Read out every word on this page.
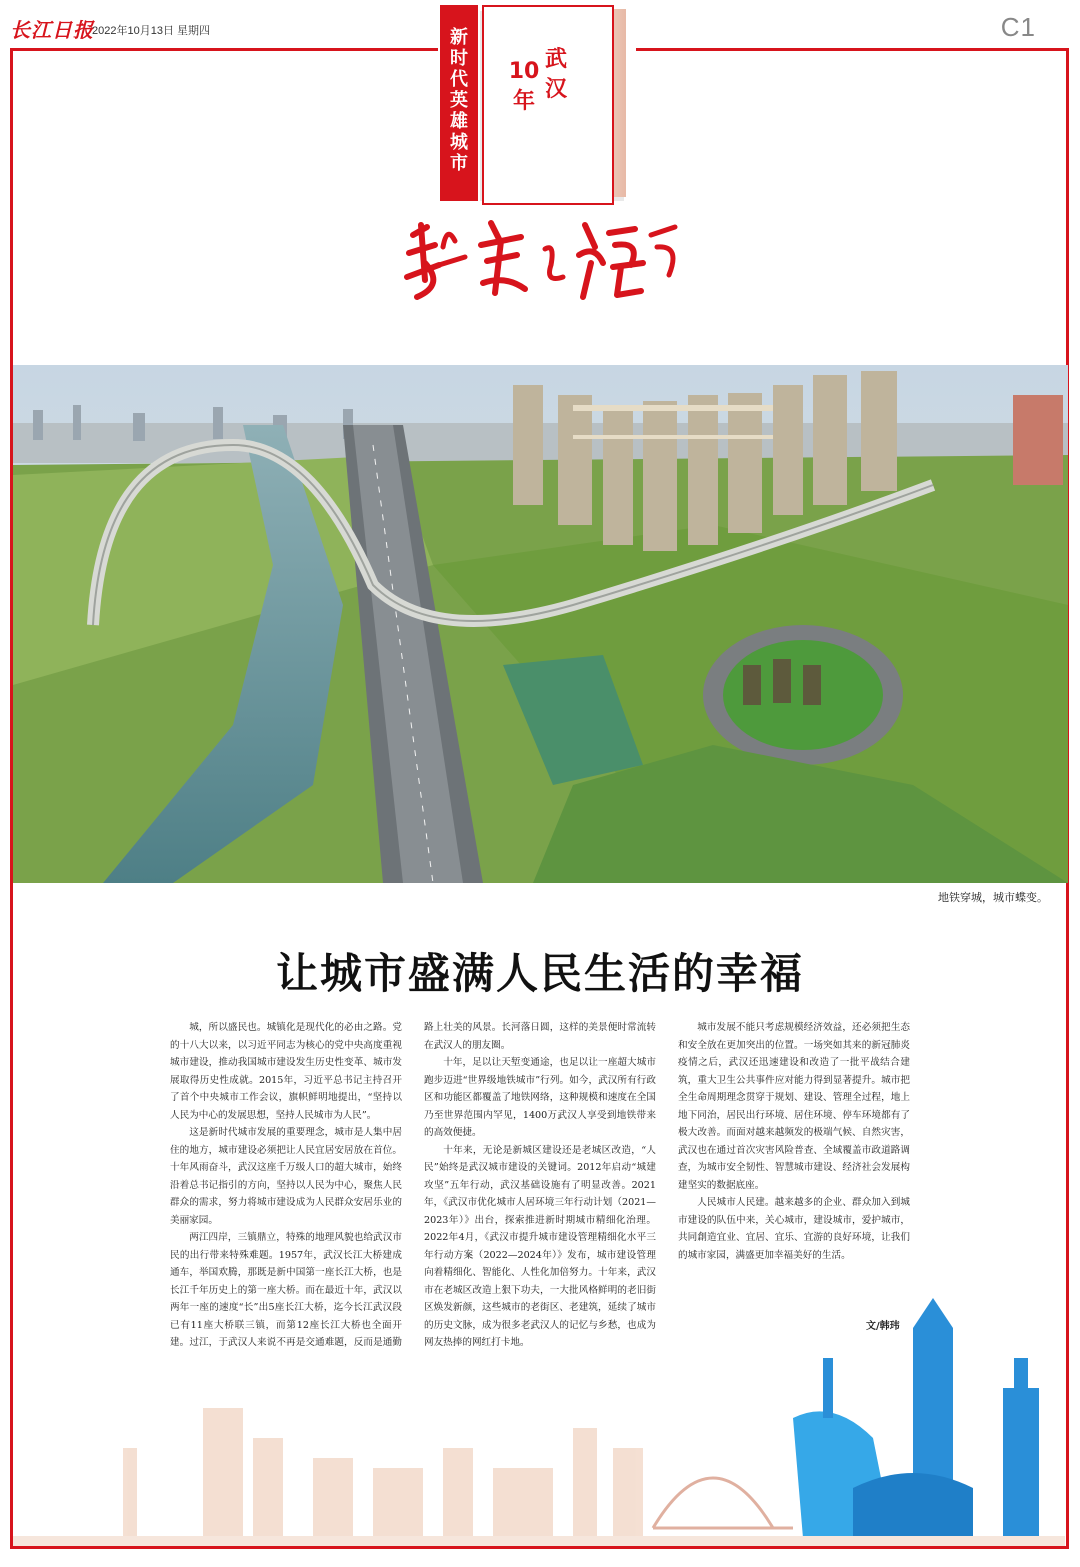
长江日报
2022年10月13日 星期四	C1
武汉
10 年
新时代英雄城市
新生之路
地铁穿城，城市蝶变。
让城市盛满人民生活的幸福

城，所以盛民也。城镇化是现代化的必由之路。党的十八大以来，以习近平同志为核心的党中央高度重视城市建设，推动我国城市建设发生历史性变革、城市发展取得历史性成就。2015年，习近平总书记主持召开了首个中央城市工作会议，旗帜鲜明地提出，“坚持以人民为中心的发展思想，坚持人民城市为人民”。

这是新时代城市发展的重要理念，城市是人集中居住的地方，城市建设必须把让人民宜居安居放在首位。十年风雨奋斗，武汉这座千万级人口的超大城市，始终沿着总书记指引的方向，坚持以人民为中心，聚焦人民群众的需求，努力将城市建设成为人民群众安居乐业的美丽家园。

两江四岸，三镇鼎立，特殊的地理风貌也给武汉市民的出行带来特殊难题。1957年，武汉长江大桥建成通车，举国欢腾，那既是新中国第一座长江大桥，也是长江千年历史上的第一座大桥。而在最近十年，武汉以两年一座的速度“长”出5座长江大桥，迄今长江武汉段已有11座大桥联三镇，而第12座长江大桥也全面开建。过江，于武汉人来说不再是交通难题，反而是通勤路上壮美的风景。长河落日圆，这样的美景便时常流转在武汉人的朋友圈。

十年，足以让天堑变通途，也足以让一座超大城市跑步迈进“世界级地铁城市”行列。如今，武汉所有行政区和功能区都覆盖了地铁网络，这种规模和速度在全国乃至世界范围内罕见，1400万武汉人享受到地铁带来的高效便捷。

十年来，无论是新城区建设还是老城区改造，“人民”始终是武汉城市建设的关键词。2012年启动“城建攻坚”五年行动，武汉基础设施有了明显改善。2021年，《武汉市优化城市人居环境三年行动计划（2021—2023年）》出台，探索推进新时期城市精细化治理。2022年4月，《武汉市提升城市建设管理精细化水平三年行动方案（2022—2024年）》发布，城市建设管理向着精细化、智能化、人性化加倍努力。十年来，武汉市在老城区改造上狠下功夫，一大批风格鲜明的老旧街区焕发新颜，这些城市的老街区、老建筑，延续了城市的历史文脉，成为很多老武汉人的记忆与乡愁，也成为网友热捧的网红打卡地。

城市发展不能只考虑规模经济效益，还必须把生态和安全放在更加突出的位置。一场突如其来的新冠肺炎疫情之后，武汉还迅速建设和改造了一批平战结合建筑，重大卫生公共事件应对能力得到显著提升。城市把全生命周期理念贯穿于规划、建设、管理全过程，地上地下同治，居民出行环境、居住环境、停车环境都有了极大改善。而面对越来越频发的极端气候、自然灾害，武汉也在通过首次灾害风险普查、全域覆盖市政道路调查，为城市安全韧性、智慧城市建设、经济社会发展构建坚实的数据底座。

人民城市人民建。越来越多的企业、群众加入到城市建设的队伍中来，关心城市，建设城市，爱护城市，共同創造宜业、宜居、宜乐、宜游的良好环境，让我们的城市家园，满盛更加幸福美好的生活。

文/韩玮
